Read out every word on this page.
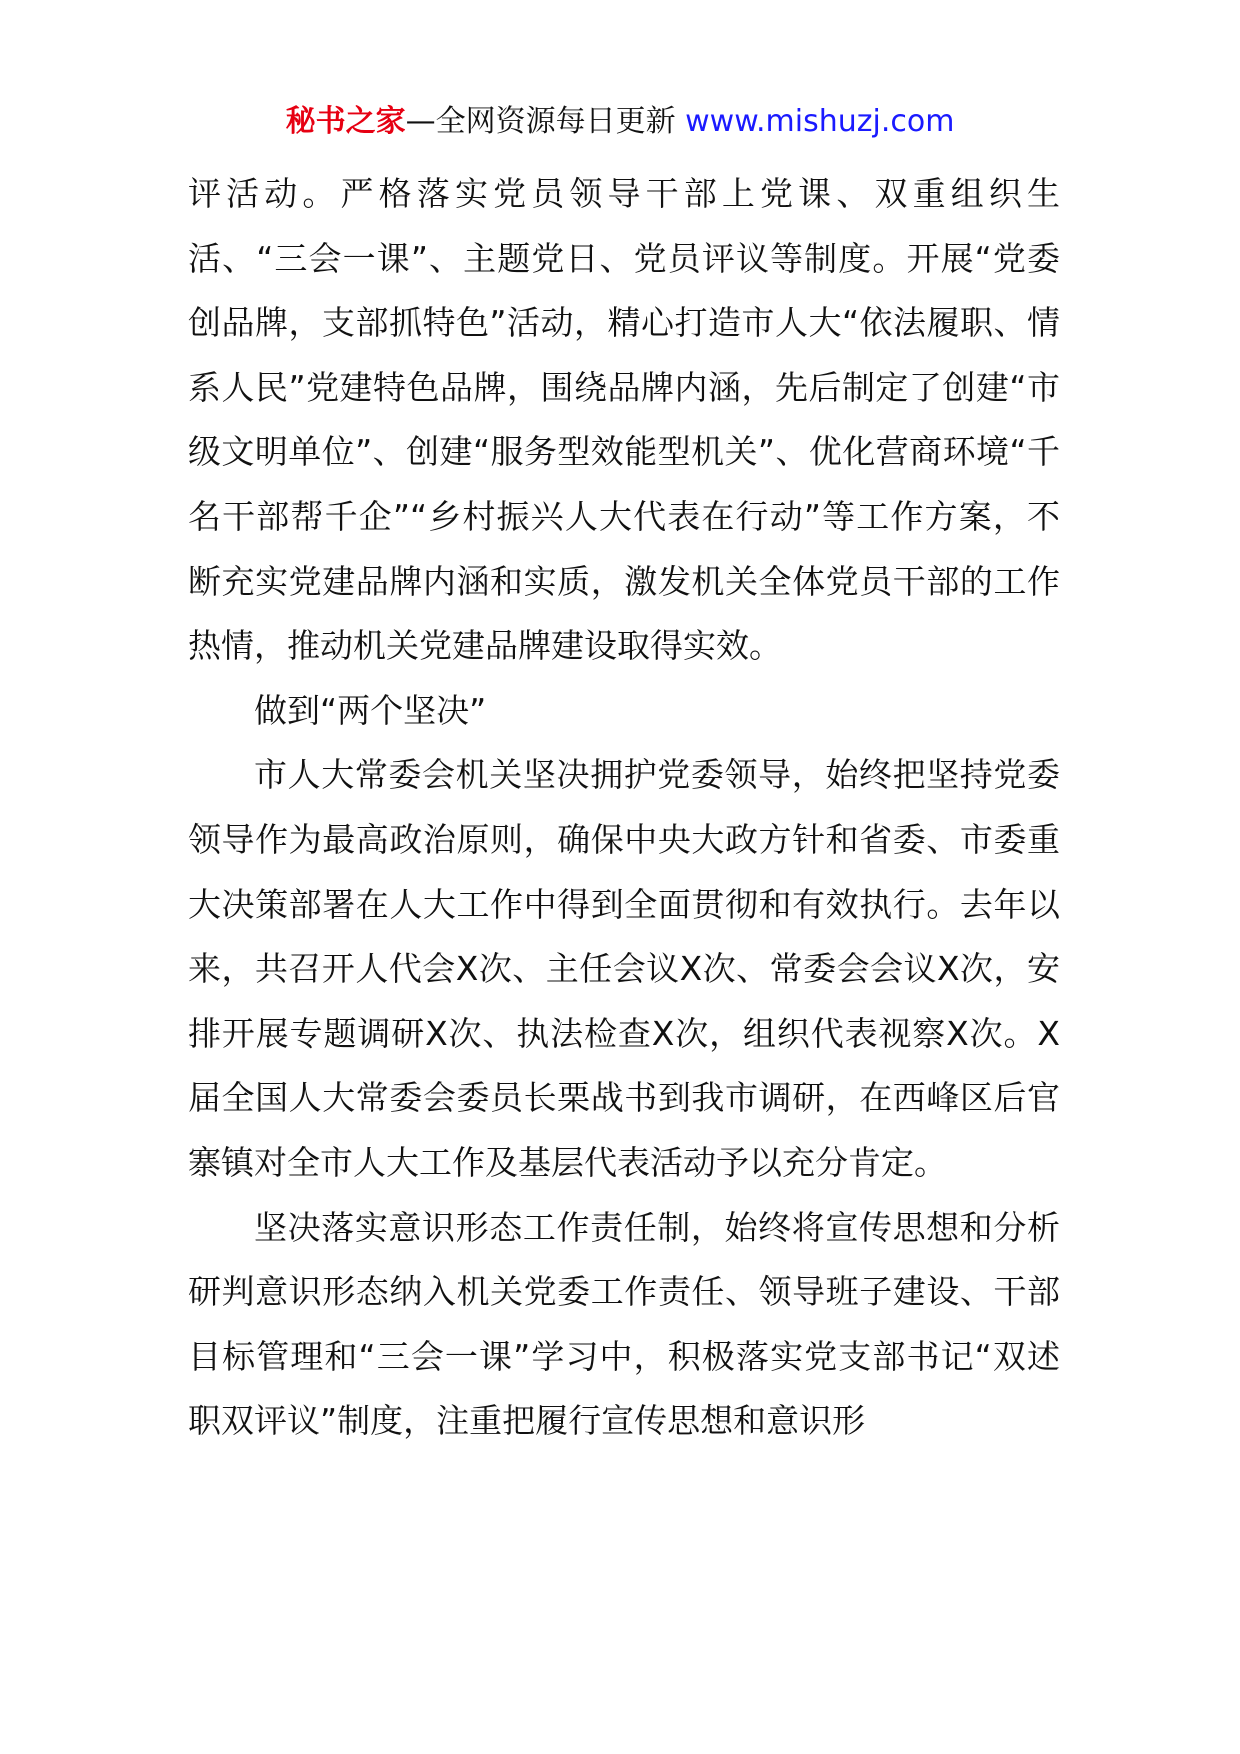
秘书之家—全网资源每日更新 www.mishuzj.com

评活动。严格落实党员领导干部上党课、双重组织生活、“三会一课”、主题党日、党员评议等制度。开展“党委创品牌，支部抓特色”活动，精心打造市人大“依法履职、情系人民”党建特色品牌，围绕品牌内涵，先后制定了创建“市级文明单位”、创建“服务型效能型机关”、优化营商环境“千名干部帮千企”“乡村振兴人大代表在行动”等工作方案，不断充实党建品牌内涵和实质，激发机关全体党员干部的工作热情，推动机关党建品牌建设取得实效。

做到“两个坚决”

市人大常委会机关坚决拥护党委领导，始终把坚持党委领导作为最高政治原则，确保中央大政方针和省委、市委重大决策部署在人大工作中得到全面贯彻和有效执行。去年以来，共召开人代会X次、主任会议X次、常委会会议X次，安排开展专题调研X次、执法检查X次，组织代表视察X次。X届全国人大常委会委员长栗战书到我市调研，在西峰区后官寨镇对全市人大工作及基层代表活动予以充分肯定。

坚决落实意识形态工作责任制，始终将宣传思想和分析研判意识形态纳入机关党委工作责任、领导班子建设、干部目标管理和“三会一课”学习中，积极落实党支部书记“双述职双评议”制度，注重把履行宣传思想和意识形
